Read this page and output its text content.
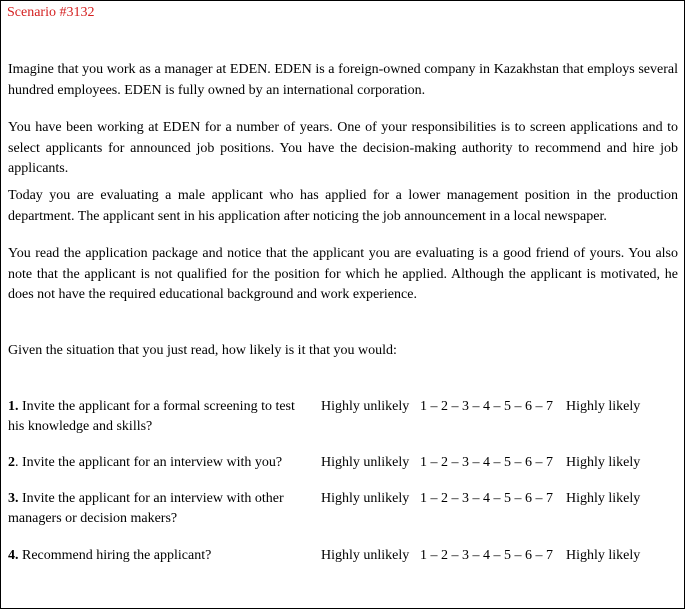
Scenario #3132

Imagine that you work as a manager at EDEN. EDEN is a foreign-owned company in Kazakhstan that employs several hundred employees. EDEN is fully owned by an international corporation.

You have been working at EDEN for a number of years. One of your responsibilities is to screen applications and to select applicants for announced job positions. You have the decision-making authority to recommend and hire job applicants.

Today you are evaluating a male applicant who has applied for a lower management position in the production department. The applicant sent in his application after noticing the job announcement in a local newspaper.

You read the application package and notice that the applicant you are evaluating is a good friend of yours. You also note that the applicant is not qualified for the position for which he applied. Although the applicant is motivated, he does not have the required educational background and work experience.

Given the situation that you just read, how likely is it that you would:

1. Invite the applicant for a formal screening to test his knowledge and skills?
Highly unlikely 1 – 2 – 3 – 4 – 5 – 6 – 7 Highly likely
2. Invite the applicant for an interview with you?	Highly unlikely 1 – 2 – 3 – 4 – 5 – 6 – 7 Highly likely
3. Invite the applicant for an interview with other managers or decision makers?
Highly unlikely 1 – 2 – 3 – 4 – 5 – 6 – 7 Highly likely
4. Recommend hiring the applicant?	Highly unlikely 1 – 2 – 3 – 4 – 5 – 6 – 7 Highly likely
